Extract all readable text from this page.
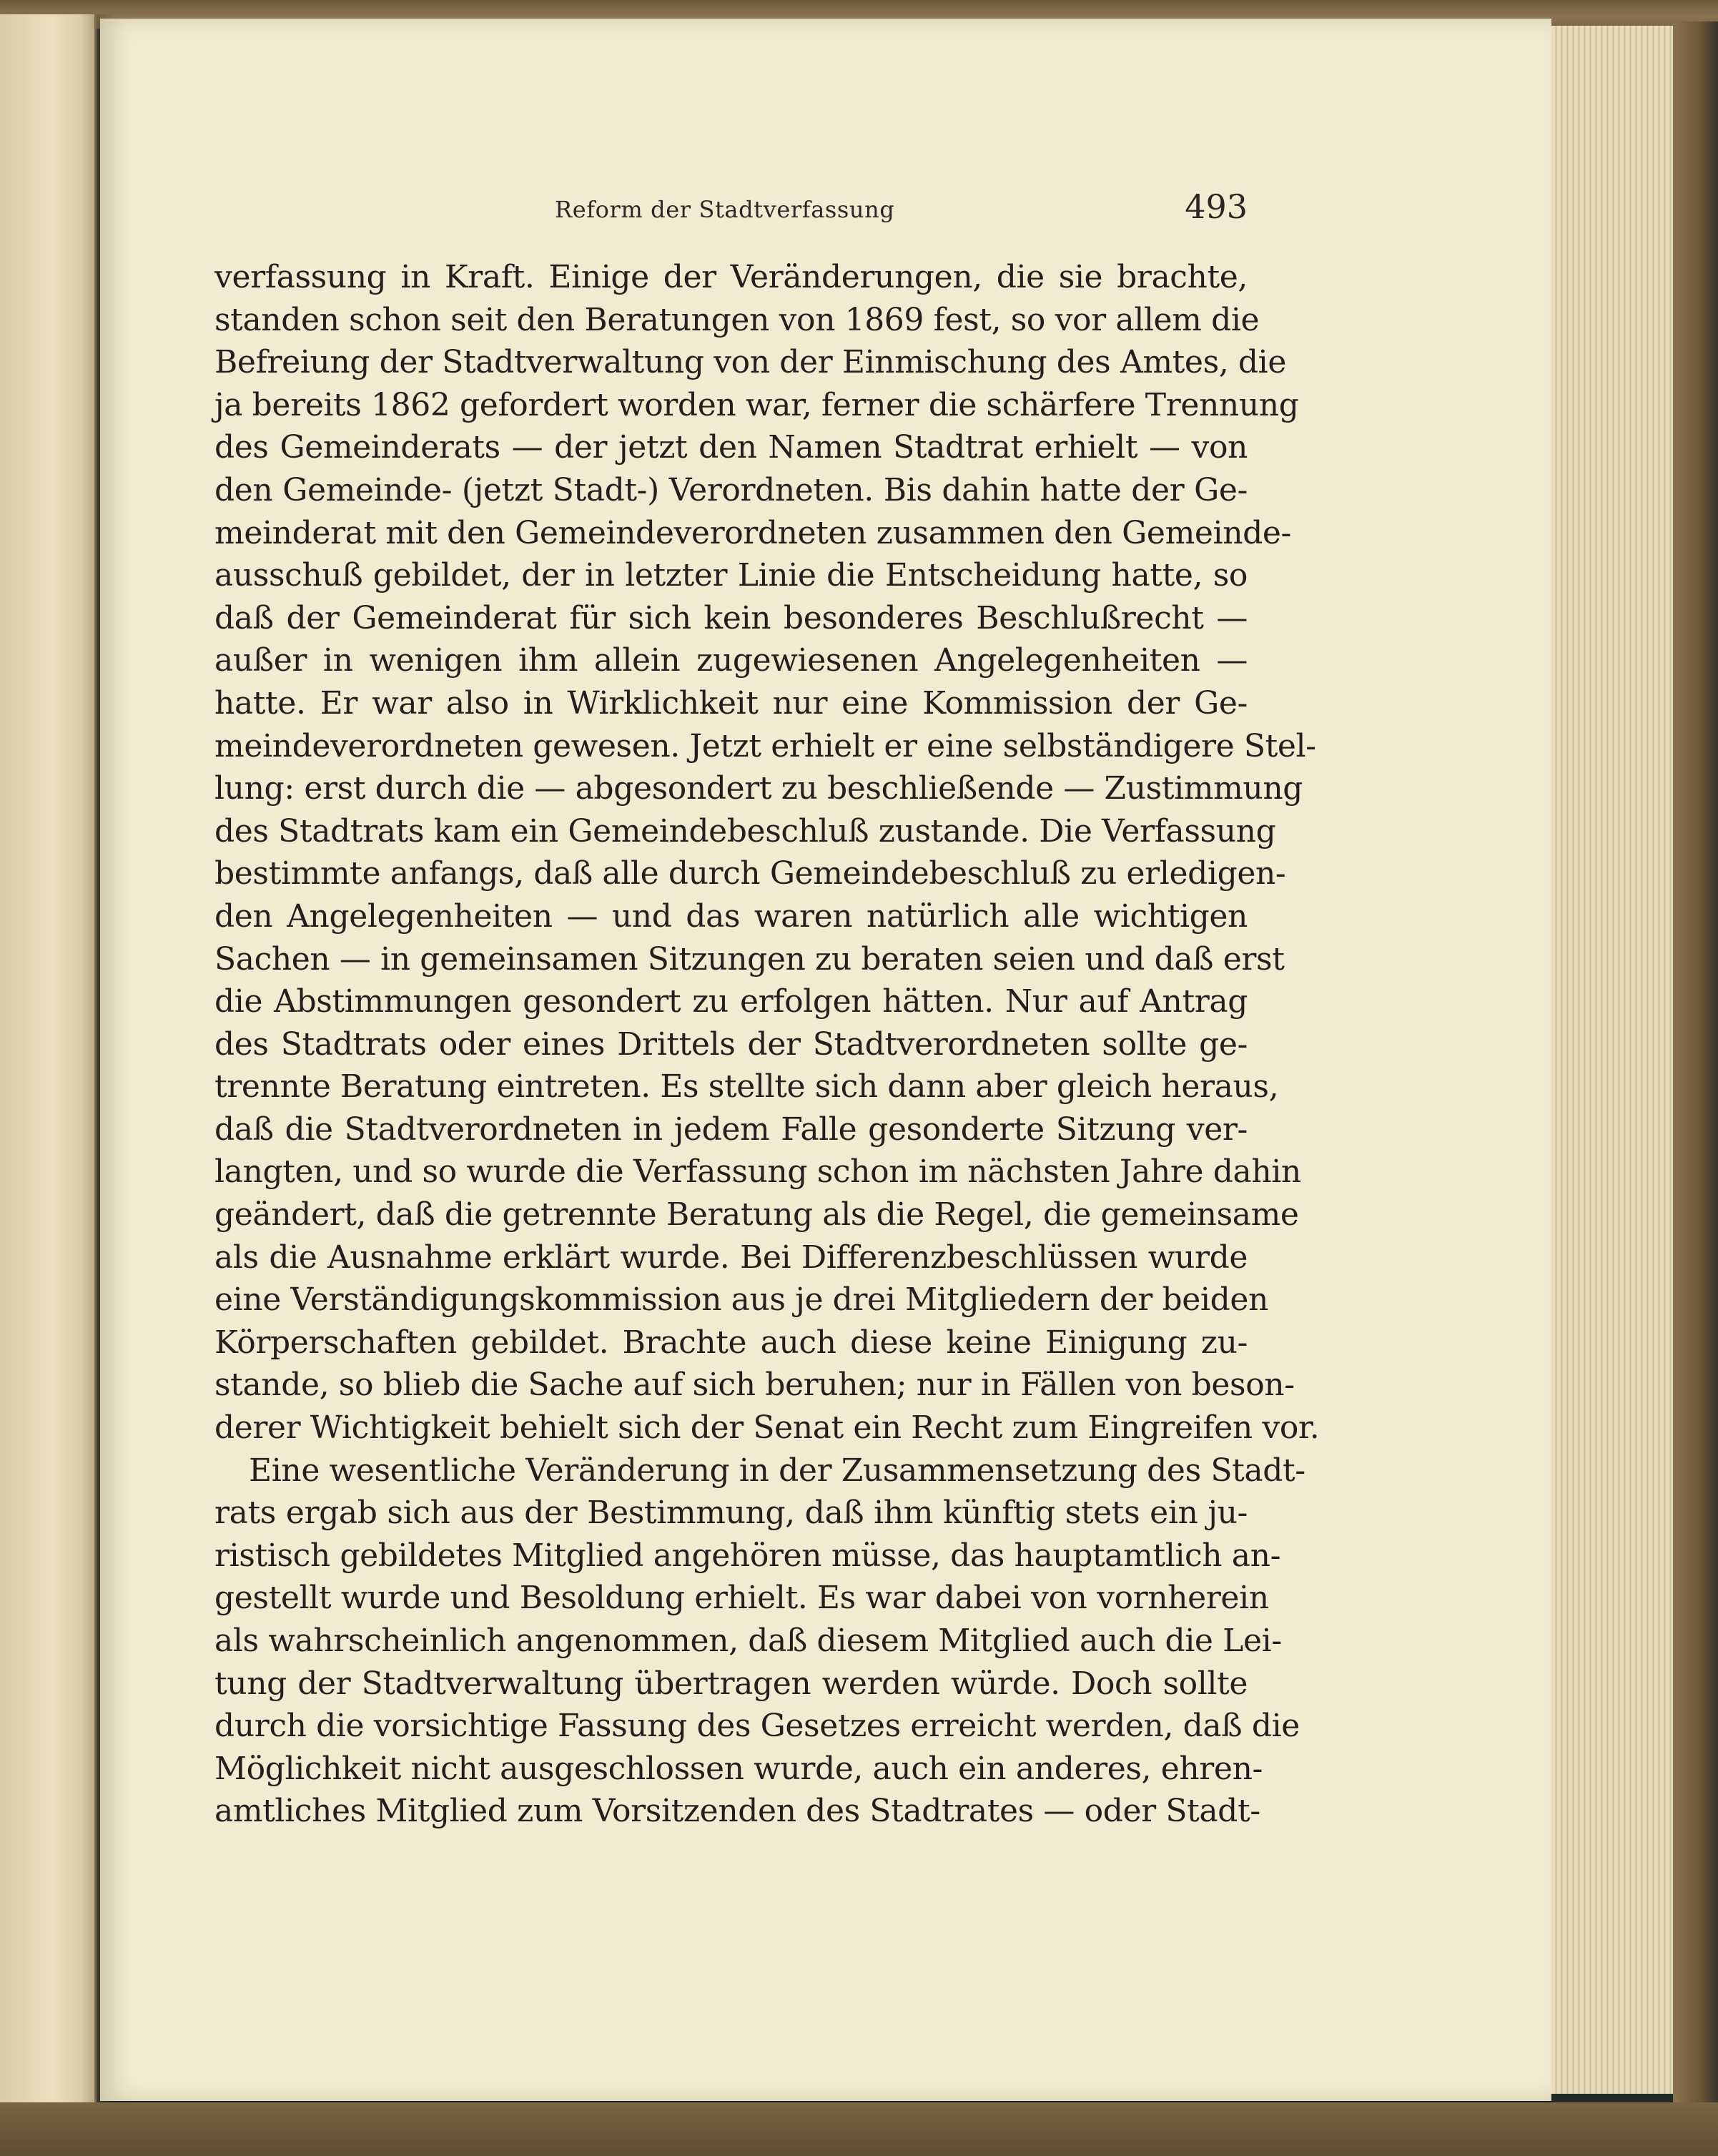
Reform der Stadtverfassung	493
verfassung in Kraft. Einige der Veränderungen, die sie brachte,
standen schon seit den Beratungen von 1869 fest, so vor allem die
Befreiung der Stadtverwaltung von der Einmischung des Amtes, die
ja bereits 1862 gefordert worden war, ferner die schärfere Trennung
des Gemeinderats — der jetzt den Namen Stadtrat erhielt — von
den Gemeinde- (jetzt Stadt-) Verordneten. Bis dahin hatte der Ge-
meinderat mit den Gemeindeverordneten zusammen den Gemeinde-
ausschuß gebildet, der in letzter Linie die Entscheidung hatte, so
daß der Gemeinderat für sich kein besonderes Beschlußrecht —
außer in wenigen ihm allein zugewiesenen Angelegenheiten —
hatte. Er war also in Wirklichkeit nur eine Kommission der Ge-
meindeverordneten gewesen. Jetzt erhielt er eine selbständigere Stel-
lung: erst durch die — abgesondert zu beschließende — Zustimmung
des Stadtrats kam ein Gemeindebeschluß zustande. Die Verfassung
bestimmte anfangs, daß alle durch Gemeindebeschluß zu erledigen-
den Angelegenheiten — und das waren natürlich alle wichtigen
Sachen — in gemeinsamen Sitzungen zu beraten seien und daß erst
die Abstimmungen gesondert zu erfolgen hätten. Nur auf Antrag
des Stadtrats oder eines Drittels der Stadtverordneten sollte ge-
trennte Beratung eintreten. Es stellte sich dann aber gleich heraus,
daß die Stadtverordneten in jedem Falle gesonderte Sitzung ver-
langten, und so wurde die Verfassung schon im nächsten Jahre dahin
geändert, daß die getrennte Beratung als die Regel, die gemeinsame
als die Ausnahme erklärt wurde. Bei Differenzbeschlüssen wurde
eine Verständigungskommission aus je drei Mitgliedern der beiden
Körperschaften gebildet. Brachte auch diese keine Einigung zu-
stande, so blieb die Sache auf sich beruhen; nur in Fällen von beson-
derer Wichtigkeit behielt sich der Senat ein Recht zum Eingreifen vor.
Eine wesentliche Veränderung in der Zusammensetzung des Stadt-
rats ergab sich aus der Bestimmung, daß ihm künftig stets ein ju-
ristisch gebildetes Mitglied angehören müsse, das hauptamtlich an-
gestellt wurde und Besoldung erhielt. Es war dabei von vornherein
als wahrscheinlich angenommen, daß diesem Mitglied auch die Lei-
tung der Stadtverwaltung übertragen werden würde. Doch sollte
durch die vorsichtige Fassung des Gesetzes erreicht werden, daß die
Möglichkeit nicht ausgeschlossen wurde, auch ein anderes, ehren-
amtliches Mitglied zum Vorsitzenden des Stadtrates — oder Stadt-
